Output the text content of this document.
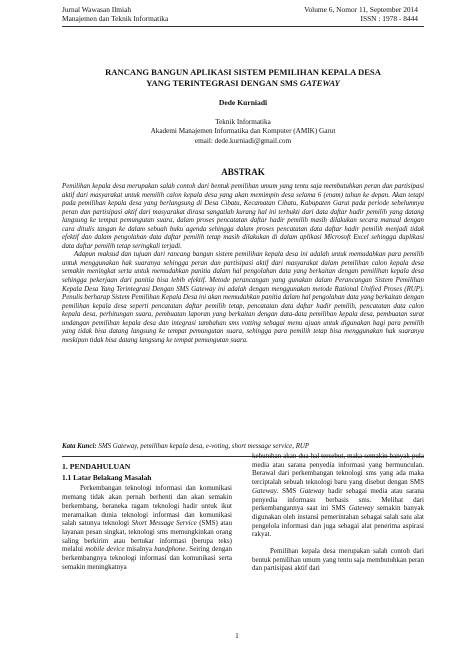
Jurnal Wawasan Ilmiah
Manajemen dan Teknik Informatika
Volume 6, Nomor 11, September 2014
ISSN : 1978 - 8444
RANCANG BANGUN APLIKASI SISTEM PEMILIHAN KEPALA DESA
YANG TERINTEGRASI DENGAN SMS GATEWAY
Dede Kurniadi
Teknik Informatika
Akademi Manajemen Informatika dan Komputer (AMIK) Garut
email: dede.kurniadi@gmail.com
ABSTRAK

Pemilihan kepala desa merupakan salah contoh dari bentuk pemilihan umum yang tentu saja membutuhkan peran dan partisipasi aktif dari masyarakat untuk memilih calon kepala desa yang akan memimpin desa selama 6 (enam) tahun ke depan. Akan tetapi pada pemilihan kepala desa yang berlangsung di Desa Cibatu, Kecamatan Cibatu, Kabupaten Garut pada periode sebelumnya peran dan partisipasi aktif dari masyarakat dirasa sangatlah kurang hal ini terbukti dari data daftar hadir pemilih yang datang langsung ke tempat pemungutan suara, dalam proses pencatatan daftar hadir pemilih masih dilakukan secara manual dengan cara ditulis tangan ke dalam sebuah buku agenda sehingga dalam proses pencatatan data daftar hadir pemilih menjadi tidak efektif dan dalam pengolahan data daftar pemilih tetap masih dilakukan di dalam aplikasi Microsoft Excel sehingga duplikasi data daftar pemilih tetap seringkali terjadi.

Adapun maksud dan tujuan dari rancang bangun sistem pemilihan kepala desa ini adalah untuk memudahkan para pemilih untuk menggunakan hak suaranya sehingga peran dan partisipasi aktif dari masyarakat dalam pemilihan calon kepala desa semakin meningkat serta untuk memudahkan panitia dalam hal pengolahan data yang berkaitan dengan pemilihan kepala desa sehingga pekerjaan dari panitia bisa lebih efektif. Metode perancangan yang gunakan dalam Perancangan Sistem Pemilihan Kepala Desa Yang Terintegrasi Dengan SMS Gateway ini adalah dengan menggunakan metode Rational Unified Proses (RUP). Penulis berharap Sistem Pemilihan Kepala Desa ini akan memudahkan panitia dalam hal pengolahan data yang berkaitan dengan pemilihan kepala desa seperti pencatatan daftar pemilih tetap, pencatatan data daftar hadir pemilih, pencatatan data calon kepala desa, perhitungan suara, pembuatan laporan yang berkaitan dengan data-data pemilihan kepala desa, pembuatan surat undangan pemilihan kepala desa dan integrasi tambahan sms votting sebagai menu ajuan untuk digunakan bagi para pemilih yang tidak bisa datang langsung ke tempat pemungutan suara, sehingga para pemilih tetap bisa menggunakan hak suaranya meskipun tidak bisa datang langsung ke tempat pemungutan suara.

Kata Kunci: SMS Gateway, pemilihan kepala desa, e-voting, short message service, RUP
1. PENDAHULUAN
1.1 Latar Belakang Masalah

Perkembangan teknologi informasi dan komunikasi memang tidak akan pernah berhenti dan akan semakin berkembang, beraneka ragam teknologi hadir untuk ikut meramaikan dunia teknologi informasi dan komunikasi salah satunya teknologi Short Message Service (SMS) atau layanan pesan singkat, teknologi sms memungkinkan orang saling berkirim atau bertukar informasi (berupa teks) melalui mobile device misalnya handphone. Seiring dengan berkembangnya teknologi informasi dan komunikasi serta semakin meningkatnya

kebutuhan akan dua hal tersebut, maka semakin banyak pula media atau sarana penyedia informasi yang bermunculan. Berawal dari perkembangan teknologi sms yang ada maka terciptalah sebuah teknologi baru yang disebut dengan SMS Gateway. SMS Gateway hadir sebagai media atau sarana penyedia informasu berbasis sms. Melihat dari perkembangannya saat ini SMS Gateway semakin banyak digunakan oleh instansi pemerintahan sebagai salah satu alat pengelola informasi dan juga sebagai alat penerima aspirasi rakyat.

Pemilihan kepala desa merupakan salah contoh dari bentuk pemilihan umum yang tentu saja membutuhkan peran dan partisipasi aktif dari

1
